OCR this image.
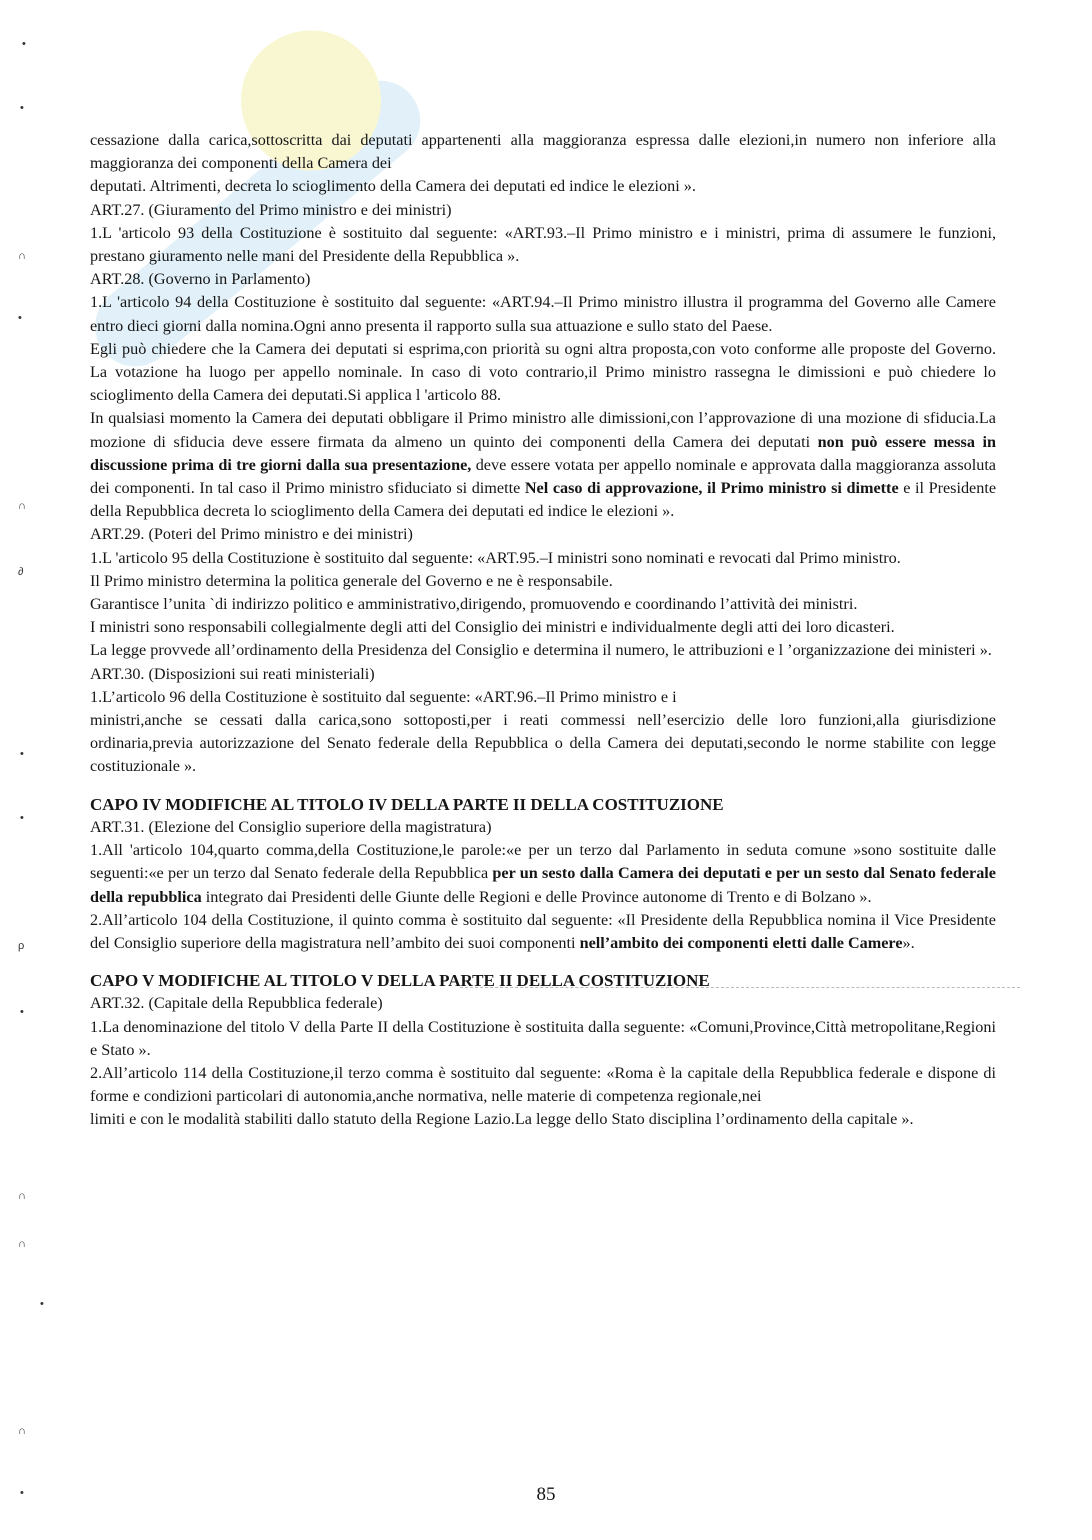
•
•
∩
•
∩
∂
•
•
ρ
•
∩
∩
•
∩
•

cessazione dalla carica,sottoscritta dai deputati appartenenti alla maggioranza espressa dalle elezioni,in numero non inferiore alla maggioranza dei componenti della Camera dei

deputati. Altrimenti, decreta lo scioglimento della Camera dei deputati ed indice le elezioni ».

ART.27. (Giuramento del Primo ministro e dei ministri)

1.L 'articolo 93 della Costituzione è sostituito dal seguente: «ART.93.–Il Primo ministro e i ministri, prima di assumere le funzioni, prestano giuramento nelle mani del Presidente della Repubblica ».

ART.28. (Governo in Parlamento)

1.L 'articolo 94 della Costituzione è sostituito dal seguente: «ART.94.–Il Primo ministro illustra il programma del Governo alle Camere entro dieci giorni dalla nomina.Ogni anno presenta il rapporto sulla sua attuazione e sullo stato del Paese.

Egli può chiedere che la Camera dei deputati si esprima,con priorità su ogni altra proposta,con voto conforme alle proposte del Governo. La votazione ha luogo per appello nominale. In caso di voto contrario,il Primo ministro rassegna le dimissioni e può chiedere lo scioglimento della Camera dei deputati.Si applica l 'articolo 88.

In qualsiasi momento la Camera dei deputati obbligare il Primo ministro alle dimissioni,con l’approvazione di una mozione di sfiducia.La mozione di sfiducia deve essere firmata da almeno un quinto dei componenti della Camera dei deputati non può essere messa in discussione prima di tre giorni dalla sua presentazione, deve essere votata per appello nominale e approvata dalla maggioranza assoluta dei componenti. In tal caso il Primo ministro sfiduciato si dimette Nel caso di approvazione, il Primo ministro si dimette e il Presidente della Repubblica decreta lo scioglimento della Camera dei deputati ed indice le elezioni ».

ART.29. (Poteri del Primo ministro e dei ministri)

1.L 'articolo 95 della Costituzione è sostituito dal seguente: «ART.95.–I ministri sono nominati e revocati dal Primo ministro.

Il Primo ministro determina la politica generale del Governo e ne è responsabile.

Garantisce l’unita `di indirizzo politico e amministrativo,dirigendo, promuovendo e coordinando l’attività dei ministri.

I ministri sono responsabili collegialmente degli atti del Consiglio dei ministri e individualmente degli atti dei loro dicasteri.

La legge provvede all’ordinamento della Presidenza del Consiglio e determina il numero, le attribuzioni e l ’organizzazione dei ministeri ».

ART.30. (Disposizioni sui reati ministeriali)

1.L’articolo 96 della Costituzione è sostituito dal seguente: «ART.96.–Il Primo ministro e i

ministri,anche se cessati dalla carica,sono sottoposti,per i reati commessi nell’esercizio delle loro funzioni,alla giurisdizione ordinaria,previa autorizzazione del Senato federale della Repubblica o della Camera dei deputati,secondo le norme stabilite con legge costituzionale ».

CAPO IV MODIFICHE AL TITOLO IV DELLA PARTE II DELLA COSTITUZIONE

ART.31. (Elezione del Consiglio superiore della magistratura)

1.All 'articolo 104,quarto comma,della Costituzione,le parole:«e per un terzo dal Parlamento in seduta comune »sono sostituite dalle seguenti:«e per un terzo dal Senato federale della Repubblica per un sesto dalla Camera dei deputati e per un sesto dal Senato federale della repubblica integrato dai Presidenti delle Giunte delle Regioni e delle Province autonome di Trento e di Bolzano ».

2.All’articolo 104 della Costituzione, il quinto comma è sostituito dal seguente: «Il Presidente della Repubblica nomina il Vice Presidente del Consiglio superiore della magistratura nell’ambito dei suoi componenti nell’ambito dei componenti eletti dalle Camere».

CAPO V MODIFICHE AL TITOLO V DELLA PARTE II DELLA COSTITUZIONE

ART.32. (Capitale della Repubblica federale)

1.La denominazione del titolo V della Parte II della Costituzione è sostituita dalla seguente: «Comuni,Province,Città metropolitane,Regioni e Stato ».

2.All’articolo 114 della Costituzione,il terzo comma è sostituito dal seguente: «Roma è la capitale della Repubblica federale e dispone di forme e condizioni particolari di autonomia,anche normativa, nelle materie di competenza regionale,nei

limiti e con le modalità stabiliti dallo statuto della Regione Lazio.La legge dello Stato disciplina l’ordinamento della capitale ».

85
